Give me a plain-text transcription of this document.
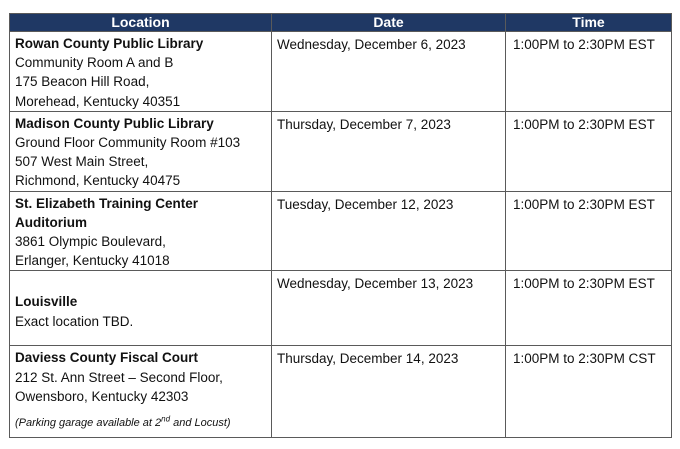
Location	Date	Time

Rowan County Public Library
Community Room A and B
175 Beacon Hill Road,
Morehead, Kentucky 40351	Wednesday, December 6, 2023	1:00PM to 2:30PM EST

Madison County Public Library
Ground Floor Community Room #103
507 West Main Street,
Richmond, Kentucky 40475	Thursday, December 7, 2023	1:00PM to 2:30PM EST

St. Elizabeth Training Center
Auditorium
3861 Olympic Boulevard,
Erlanger, Kentucky 41018	Tuesday, December 12, 2023	1:00PM to 2:30PM EST

Louisville
Exact location TBD.	Wednesday, December 13, 2023	1:00PM to 2:30PM EST

Daviess County Fiscal Court
212 St. Ann Street – Second Floor,
Owensboro, Kentucky 42303
(Parking garage available at 2nd and Locust)	Thursday, December 14, 2023	1:00PM to 2:30PM CST
